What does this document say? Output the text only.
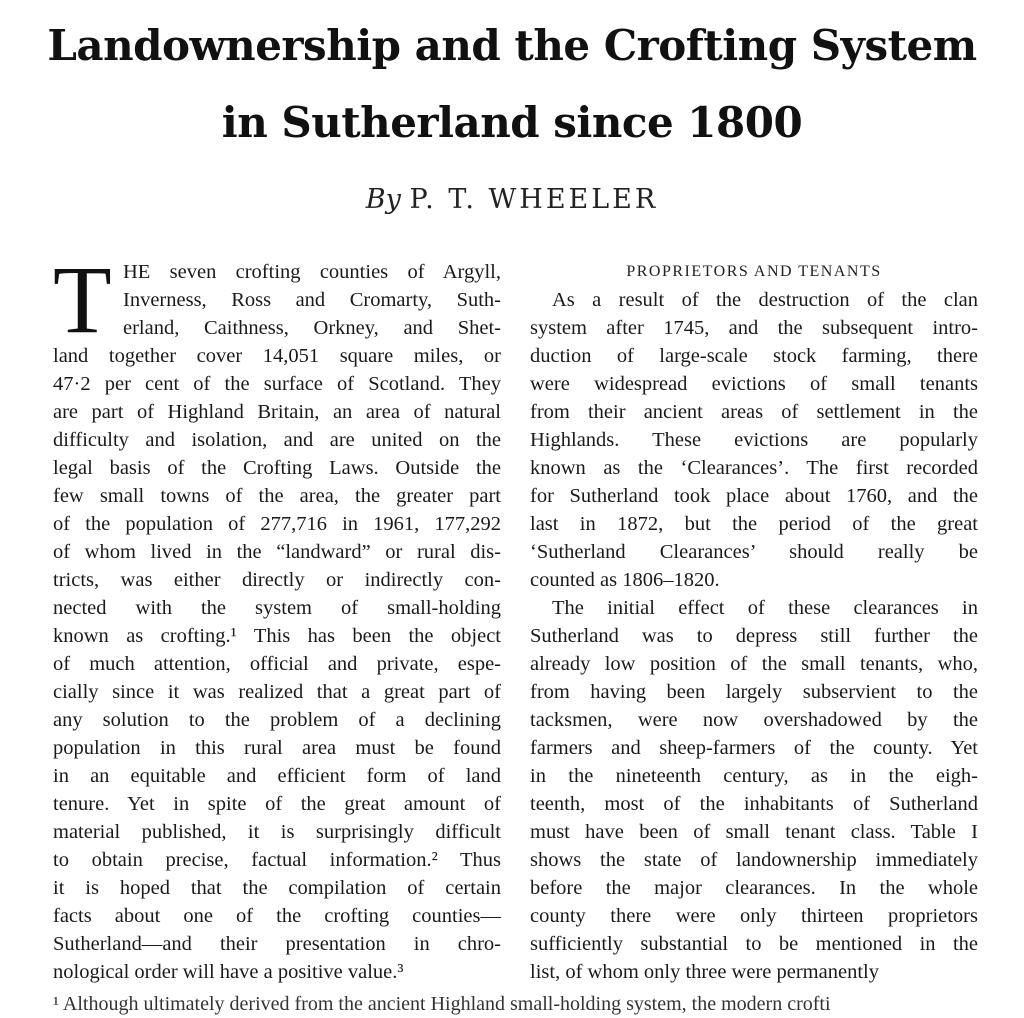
Landownership and the Crofting System
in Sutherland since 1800
By P. T. WHEELER
T HE seven crofting counties of Argyll,
Inverness, Ross and Cromarty, Suth-
erland, Caithness, Orkney, and Shet-
land together cover 14,051 square miles, or
47·2 per cent of the surface of Scotland. They
are part of Highland Britain, an area of natural
difficulty and isolation, and are united on the
legal basis of the Crofting Laws. Outside the
few small towns of the area, the greater part
of the population of 277,716 in 1961, 177,292
of whom lived in the “landward” or rural dis-
tricts, was either directly or indirectly con-
nected with the system of small-holding
known as crofting.¹ This has been the object
of much attention, official and private, espe-
cially since it was realized that a great part of
any solution to the problem of a declining
population in this rural area must be found
in an equitable and efficient form of land
tenure. Yet in spite of the great amount of
material published, it is surprisingly difficult
to obtain precise, factual information.² Thus
it is hoped that the compilation of certain
facts about one of the crofting counties—
Sutherland—and their presentation in chro-
nological order will have a positive value.³
PROPRIETORS AND TENANTS
As a result of the destruction of the clan
system after 1745, and the subsequent intro-
duction of large-scale stock farming, there
were widespread evictions of small tenants
from their ancient areas of settlement in the
Highlands. These evictions are popularly
known as the ‘Clearances’. The first recorded
for Sutherland took place about 1760, and the
last in 1872, but the period of the great
‘Sutherland Clearances’ should really be
counted as 1806–1820.
The initial effect of these clearances in
Sutherland was to depress still further the
already low position of the small tenants, who,
from having been largely subservient to the
tacksmen, were now overshadowed by the
farmers and sheep-farmers of the county. Yet
in the nineteenth century, as in the eigh-
teenth, most of the inhabitants of Sutherland
must have been of small tenant class. Table I
shows the state of landownership immediately
before the major clearances. In the whole
county there were only thirteen proprietors
sufficiently substantial to be mentioned in the
list, of whom only three were permanently
¹ Although ultimately derived from the ancient Highland small-holding system, the modern crofti
